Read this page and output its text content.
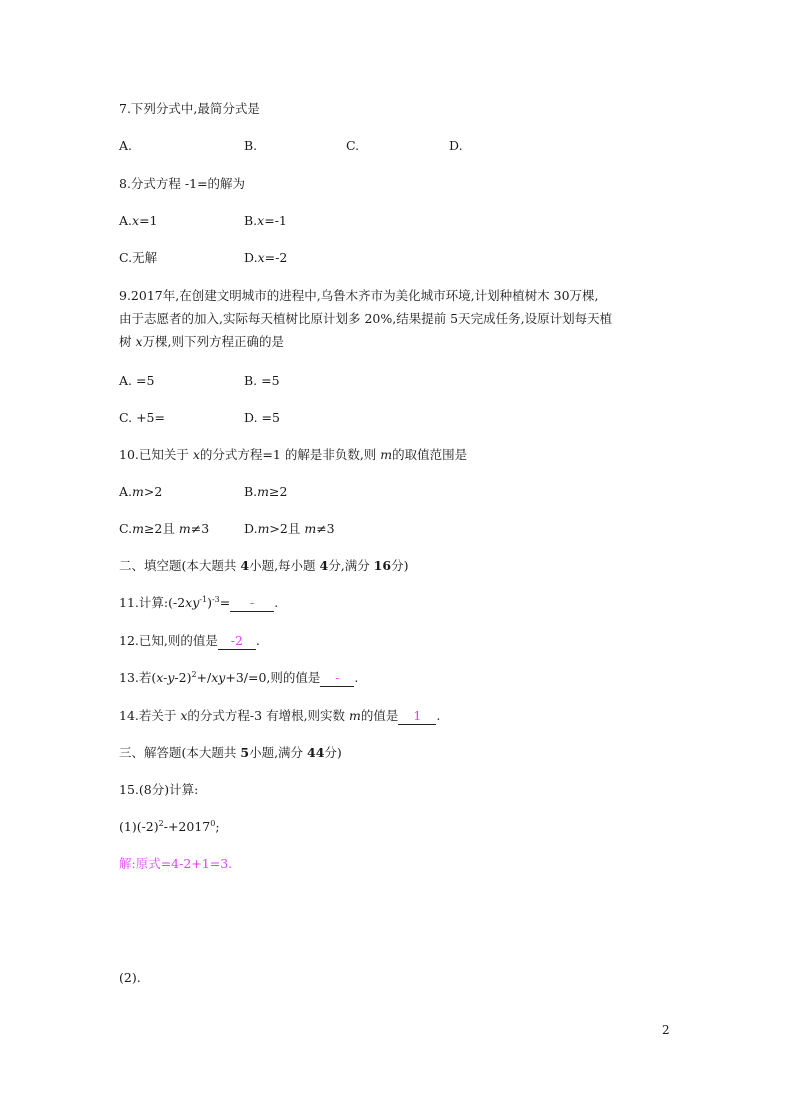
7.下列分式中,最简分式是
A.	B.	C.	D.
8.分式方程 -1=的解为
A.x=1	B.x=-1
C.无解	D.x=-2
9.2017年,在创建文明城市的进程中,乌鲁木齐市为美化城市环境,计划种植树木 30万棵,
由于志愿者的加入,实际每天植树比原计划多 20%,结果提前 5天完成任务,设原计划每天植
树 x万棵,则下列方程正确的是
A. =5	B. =5
C. +5=	D. =5
10.已知关于 x的分式方程=1 的解是非负数,则 m的取值范围是
A.m>2	B.m≥2
C.m≥2且 m≠3	D.m>2且 m≠3
二、填空题(本大题共 4小题,每小题 4分,满分 16分)
11.计算$:(-2xy^{-1})^{-3}=$ - .
12.已知,则的值是 -2 .
13.若$(x-y-2)^2+/xy+3/=0$,则的值是 - .
14.若关于 x的分式方程-3 有增根,则实数 m的值是 1 .
三、解答题(本大题共 5小题,满分 44分)
15.(8分)计算:
$(1)(-2)^2-+2017^0$;
解:原式=4-2+1=3.
(2).
2
